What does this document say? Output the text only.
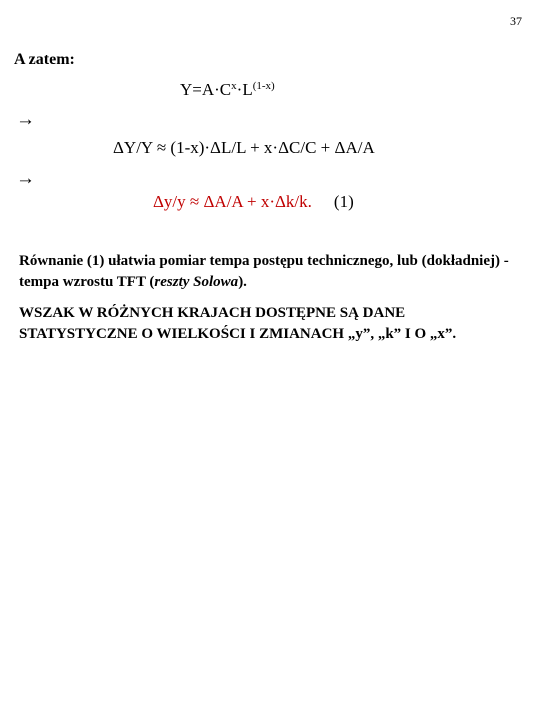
37
A zatem:
$Y=A\cdot C^x\cdot L^{(1-x)}$
→
ΔY/Y ≈ (1-x)·ΔL/L + x·ΔC/C + ΔA/A
→
Δy/y ≈ ΔA/A + x·Δk/k. (1)
Równanie (1) ułatwia pomiar tempa postępu technicznego, lub (dokładniej) - tempa wzrostu TFT (reszty Solowa).
WSZAK W RÓŻNYCH KRAJACH DOSTĘPNE SĄ DANE STATYSTYCZNE O WIELKOŚCI I ZMIANACH „y”, „k” I O „x”.
